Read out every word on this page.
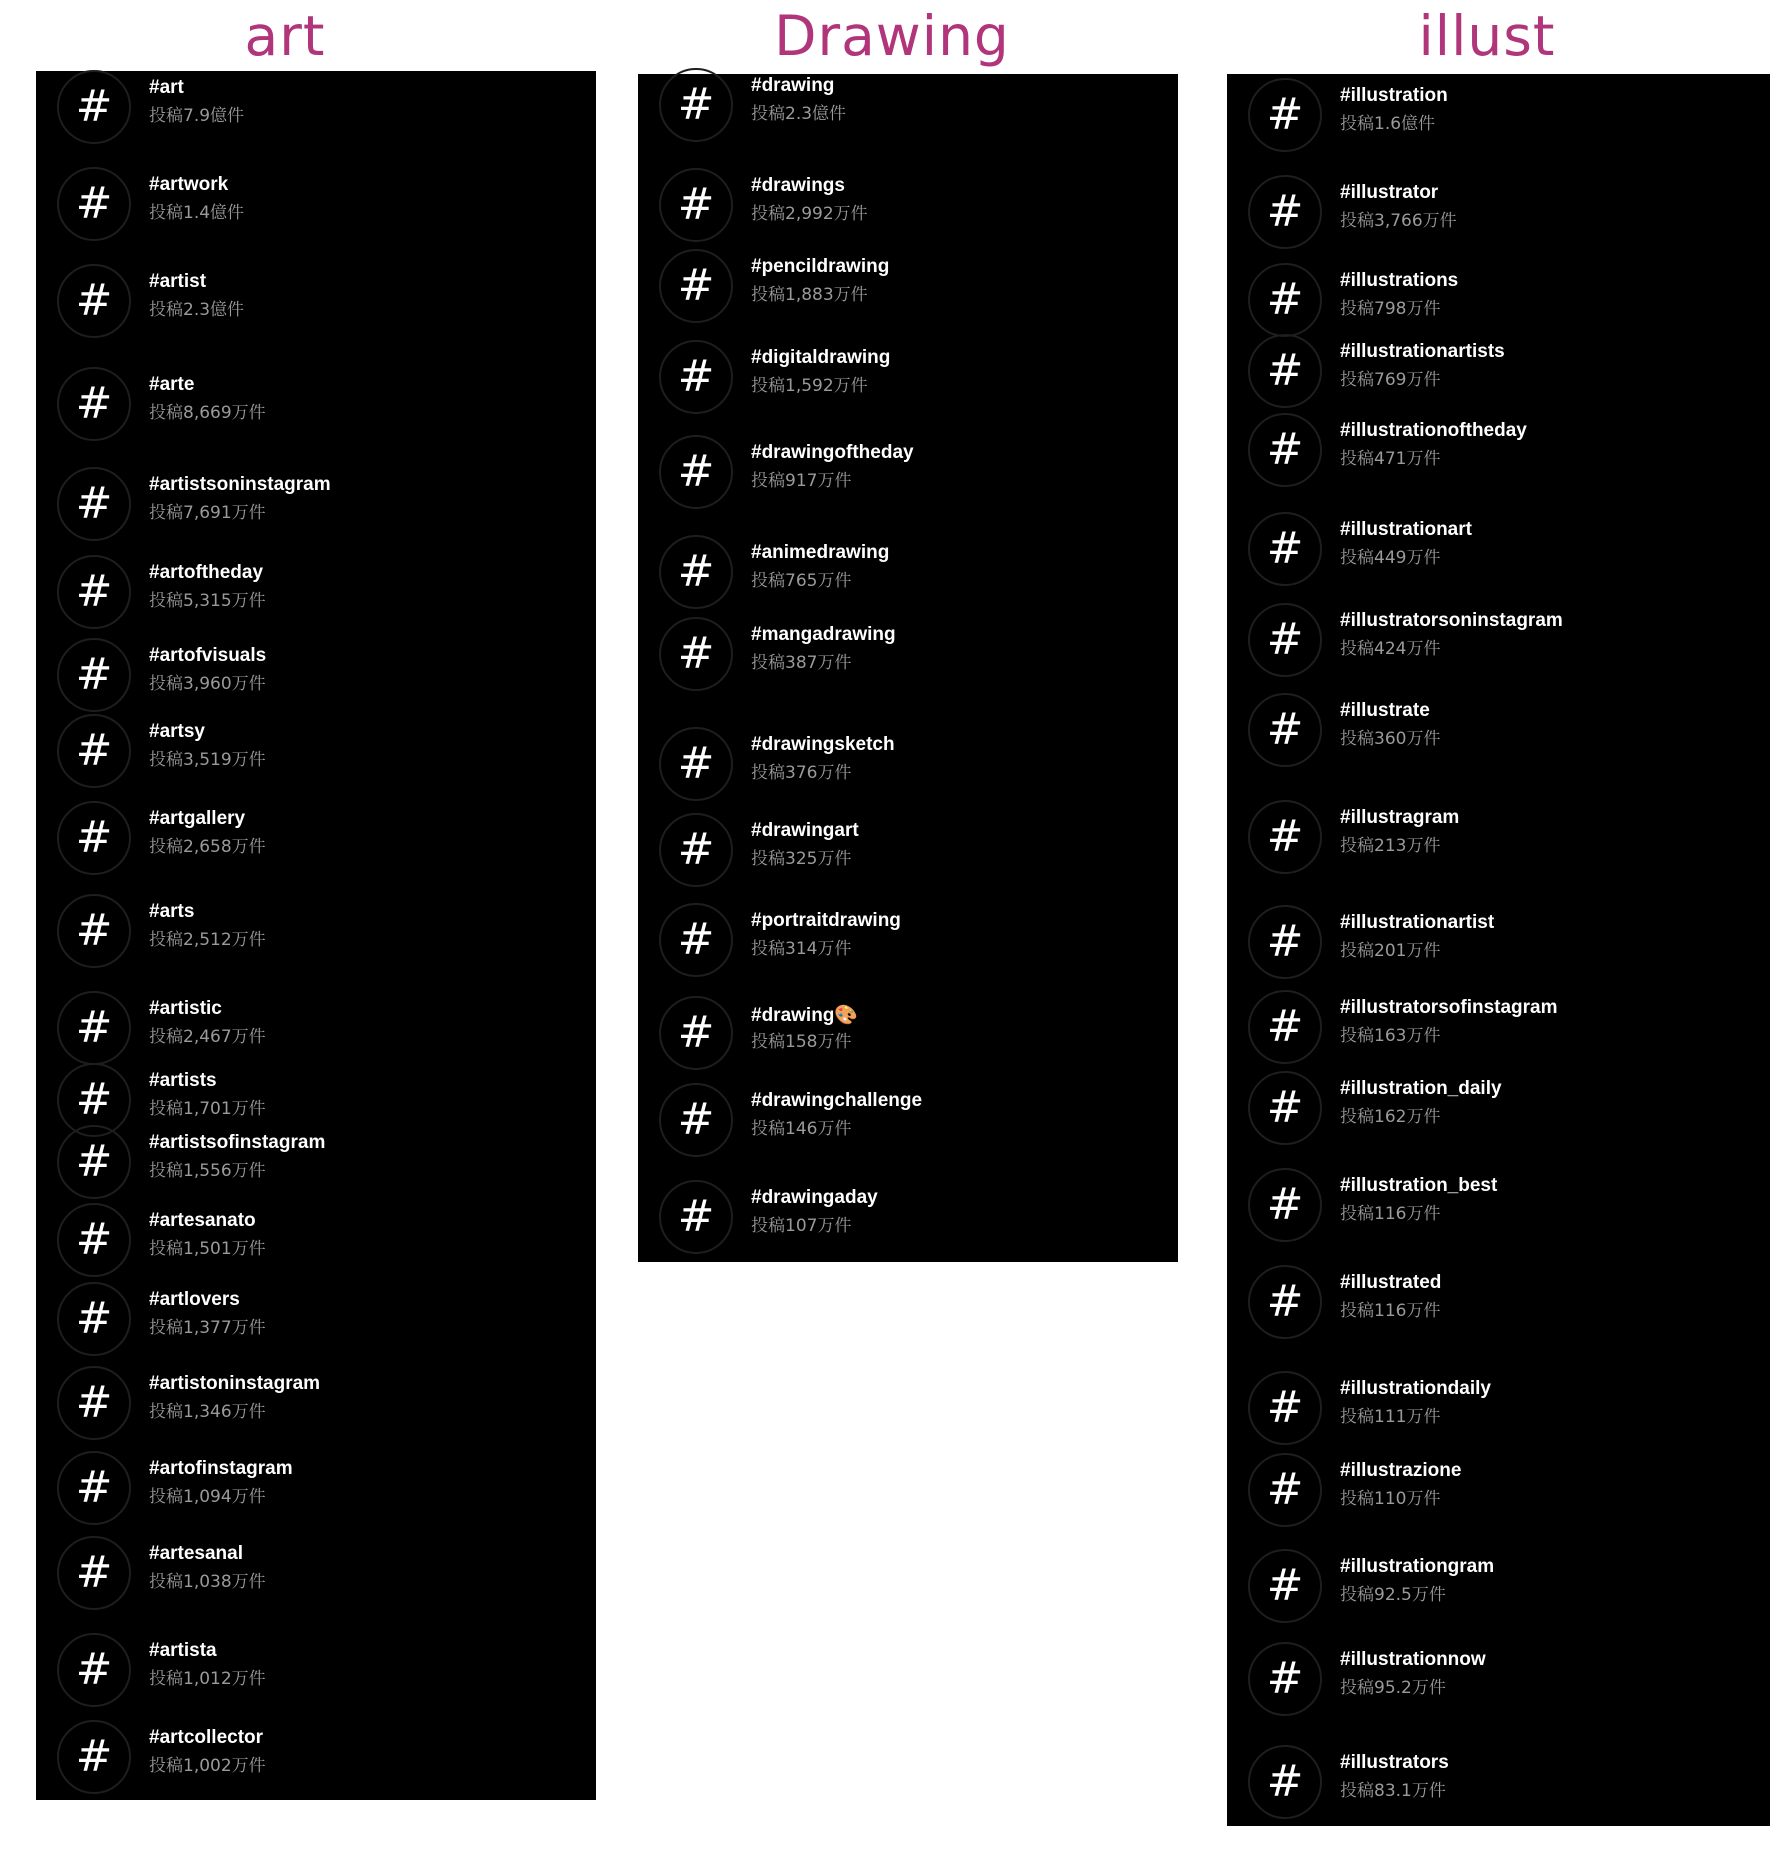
art	Drawing	illust
#	#art
投稿7.9億件
#	#artwork
投稿1.4億件
#	#artist
投稿2.3億件
#	#arte
投稿8,669万件
#	#artistsoninstagram
投稿7,691万件
#	#artoftheday
投稿5,315万件
#	#artofvisuals
投稿3,960万件
#	#artsy
投稿3,519万件
#	#artgallery
投稿2,658万件
#	#arts
投稿2,512万件
#	#artistic
投稿2,467万件
#	#artists
投稿1,701万件
#	#artistsofinstagram
投稿1,556万件
#	#artesanato
投稿1,501万件
#	#artlovers
投稿1,377万件
#	#artistoninstagram
投稿1,346万件
#	#artofinstagram
投稿1,094万件
#	#artesanal
投稿1,038万件
#	#artista
投稿1,012万件
#	#artcollector
投稿1,002万件
#	#drawing
投稿2.3億件
#	#drawings
投稿2,992万件
#	#pencildrawing
投稿1,883万件
#	#digitaldrawing
投稿1,592万件
#	#drawingoftheday
投稿917万件
#	#animedrawing
投稿765万件
#	#mangadrawing
投稿387万件
#	#drawingsketch
投稿376万件
#	#drawingart
投稿325万件
#	#portraitdrawing
投稿314万件
#	#drawing🎨
投稿158万件
#	#drawingchallenge
投稿146万件
#	#drawingaday
投稿107万件
#	#illustration
投稿1.6億件
#	#illustrator
投稿3,766万件
#	#illustrations
投稿798万件
#	#illustrationartists
投稿769万件
#	#illustrationoftheday
投稿471万件
#	#illustrationart
投稿449万件
#	#illustratorsoninstagram
投稿424万件
#	#illustrate
投稿360万件
#	#illustragram
投稿213万件
#	#illustrationartist
投稿201万件
#	#illustratorsofinstagram
投稿163万件
#	#illustration_daily
投稿162万件
#	#illustration_best
投稿116万件
#	#illustrated
投稿116万件
#	#illustrationdaily
投稿111万件
#	#illustrazione
投稿110万件
#	#illustrationgram
投稿92.5万件
#	#illustrationnow
投稿95.2万件
#	#illustrators
投稿83.1万件
